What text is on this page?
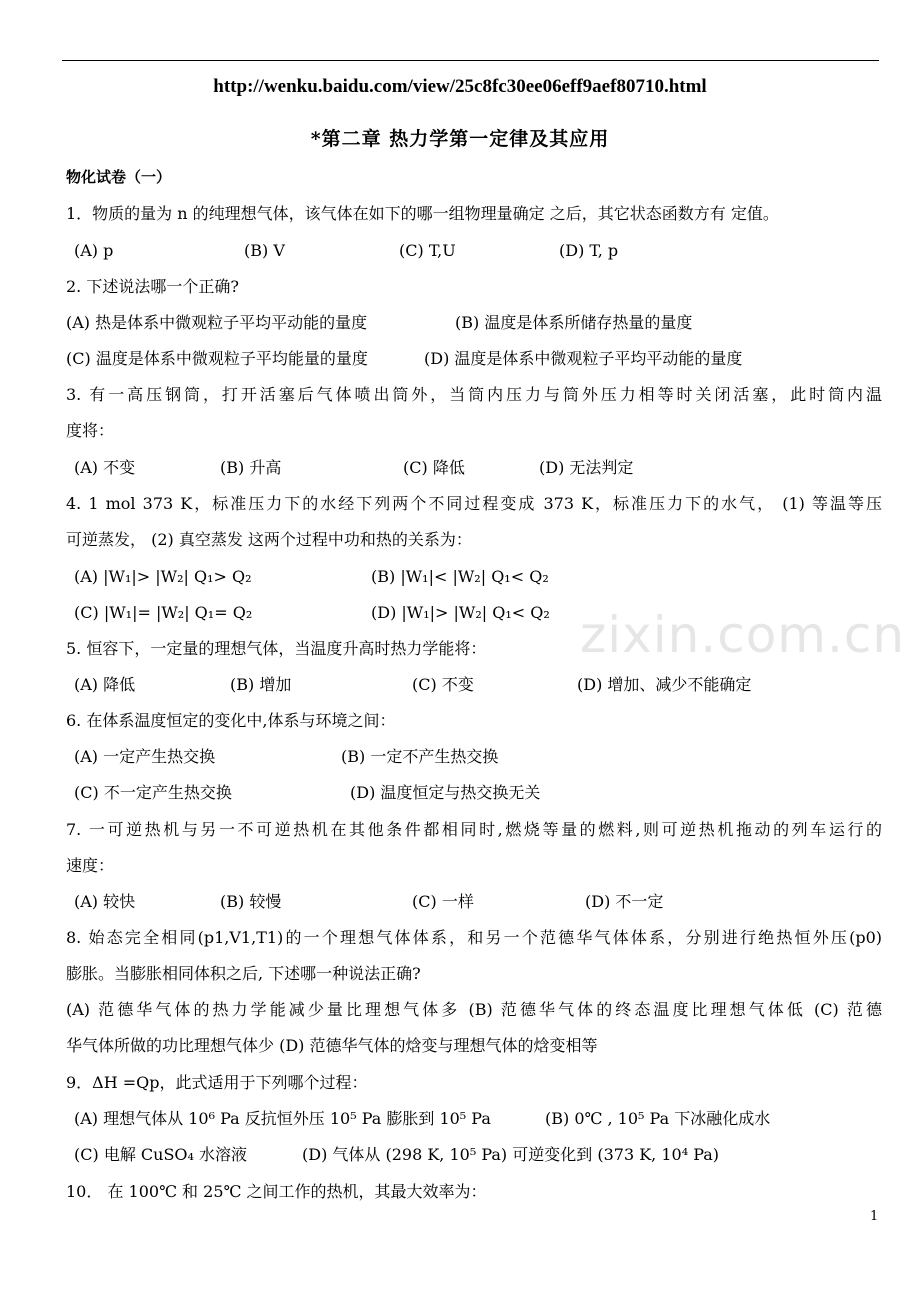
http://wenku.baidu.com/view/25c8fc30ee06eff9aef80710.html
*第二章 热力学第一定律及其应用
物化试卷（一）
1．物质的量为 n 的纯理想气体，该气体在如下的哪一组物理量确定 之后，其它状态函数方有 定值。
(A) p	(B) V	(C) T,U	(D) T, p
2. 下述说法哪一个正确?
(A) 热是体系中微观粒子平均平动能的量度	(B) 温度是体系所储存热量的量度
(C) 温度是体系中微观粒子平均能量的量度	(D) 温度是体系中微观粒子平均平动能的量度
3. 有一高压钢筒，打开活塞后气体喷出筒外，当筒内压力与筒外压力相等时关闭活塞，此时筒内温
度将：
(A) 不变	(B) 升高	(C) 降低	(D) 无法判定
4. 1 mol 373 K，标准压力下的水经下列两个不同过程变成 373 K，标准压力下的水气， (1) 等温等压
可逆蒸发， (2) 真空蒸发 这两个过程中功和热的关系为：
(A) |W₁|> |W₂| Q₁> Q₂	(B) |W₁|< |W₂| Q₁< Q₂
(C) |W₁|= |W₂| Q₁= Q₂	(D) |W₁|> |W₂| Q₁< Q₂ zixin.com.cn
5. 恒容下，一定量的理想气体，当温度升高时热力学能将：
(A) 降低	(B) 增加	(C) 不变	(D) 增加、减少不能确定
6. 在体系温度恒定的变化中,体系与环境之间：
(A) 一定产生热交换	(B) 一定不产生热交换
(C) 不一定产生热交换	(D) 温度恒定与热交换无关
7. 一可逆热机与另一不可逆热机在其他条件都相同时,燃烧等量的燃料,则可逆热机拖动的列车运行的
速度：
(A) 较快	(B) 较慢	(C) 一样	(D) 不一定
8. 始态完全相同(p1,V1,T1)的一个理想气体体系，和另一个范德华气体体系，分别进行绝热恒外压(p0)
膨胀。当膨胀相同体积之后, 下述哪一种说法正确?
(A) 范德华气体的热力学能减少量比理想气体多 (B) 范德华气体的终态温度比理想气体低 (C) 范德
华气体所做的功比理想气体少 (D) 范德华气体的焓变与理想气体的焓变相等
9．ΔH =Qp，此式适用于下列哪个过程：
(A) 理想气体从 10⁶ Pa 反抗恒外压 10⁵ Pa 膨胀到 10⁵ Pa	(B) 0℃ , 10⁵ Pa 下冰融化成水
(C) 电解 CuSO₄ 水溶液	(D) 气体从 (298 K, 10⁵ Pa) 可逆变化到 (373 K, 10⁴ Pa)
10． 在 100℃ 和 25℃ 之间工作的热机，其最大效率为：
1
